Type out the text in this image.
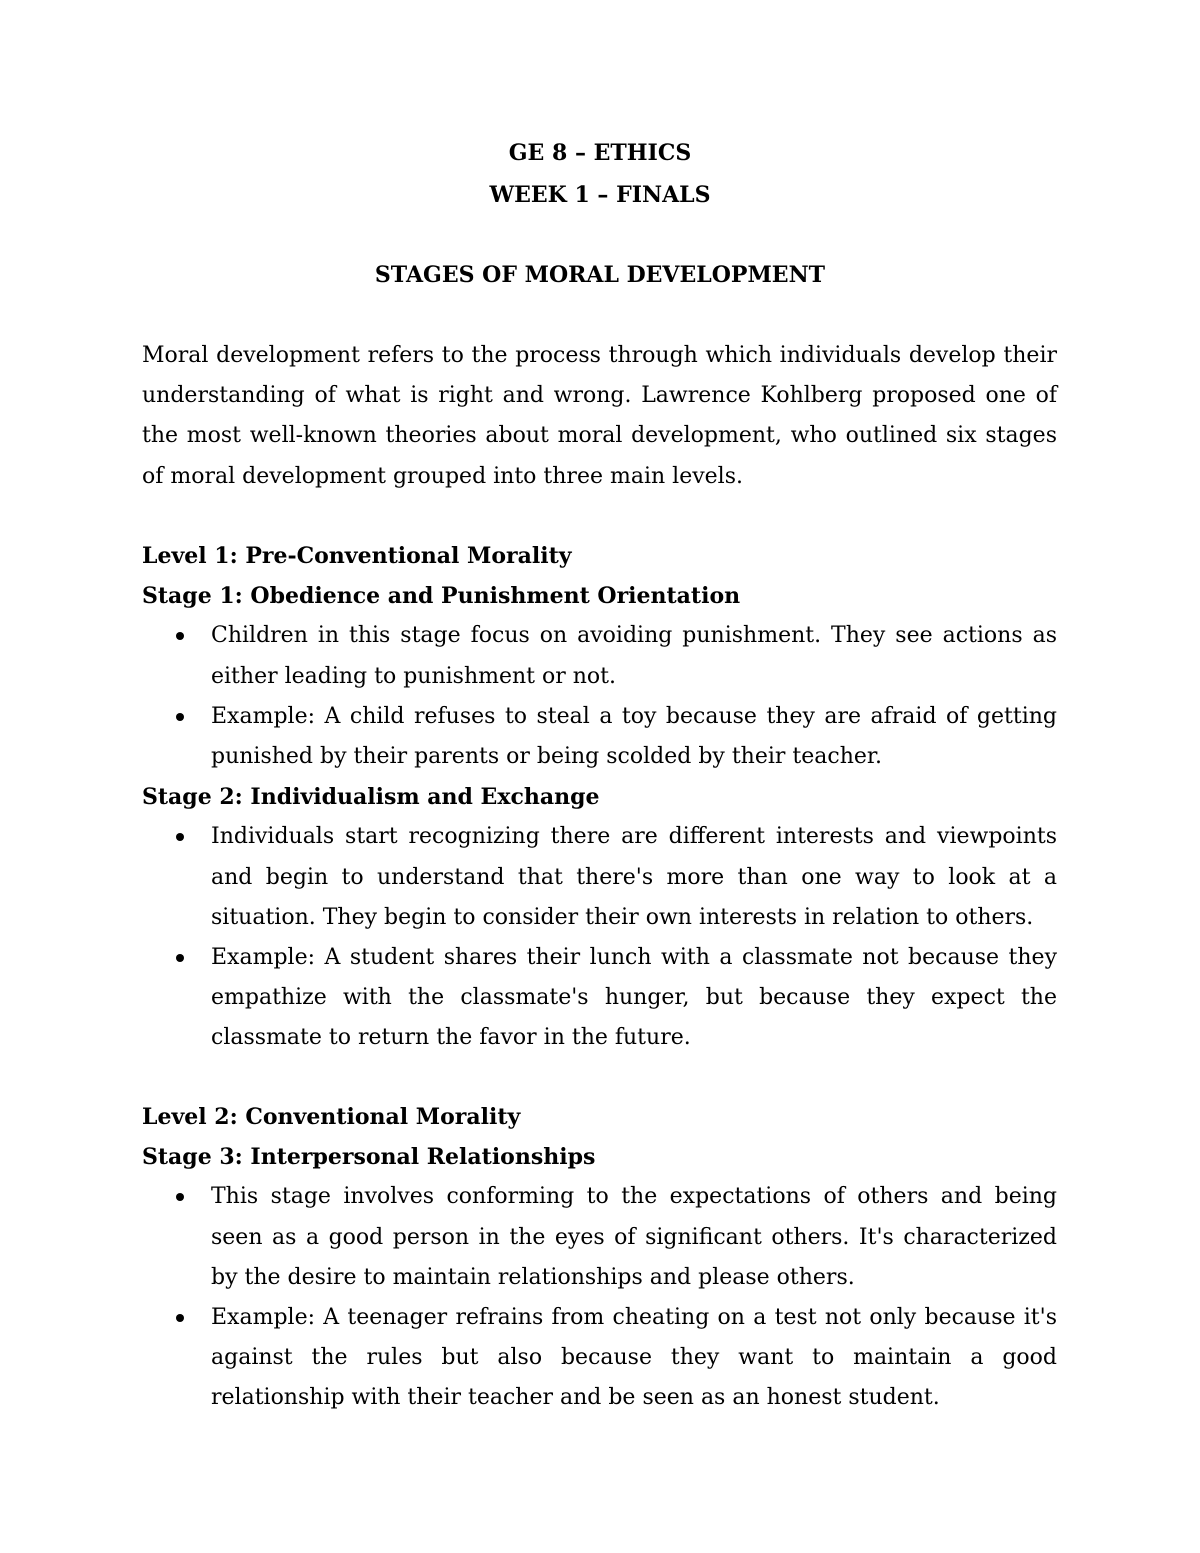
GE 8 – ETHICS
WEEK 1 – FINALS
STAGES OF MORAL DEVELOPMENT

Moral development refers to the process through which individuals develop their understanding of what is right and wrong. Lawrence Kohlberg proposed one of the most well-known theories about moral development, who outlined six stages of moral development grouped into three main levels.

Level 1: Pre-Conventional Morality

Stage 1: Obedience and Punishment Orientation

Children in this stage focus on avoiding punishment. They see actions as either leading to punishment or not.
Example: A child refuses to steal a toy because they are afraid of getting punished by their parents or being scolded by their teacher.

Stage 2: Individualism and Exchange

Individuals start recognizing there are different interests and viewpoints and begin to understand that there's more than one way to look at a situation. They begin to consider their own interests in relation to others.
Example: A student shares their lunch with a classmate not because they empathize with the classmate's hunger, but because they expect the classmate to return the favor in the future.

Level 2: Conventional Morality

Stage 3: Interpersonal Relationships

This stage involves conforming to the expectations of others and being seen as a good person in the eyes of significant others. It's characterized by the desire to maintain relationships and please others.
Example: A teenager refrains from cheating on a test not only because it's against the rules but also because they want to maintain a good relationship with their teacher and be seen as an honest student.
